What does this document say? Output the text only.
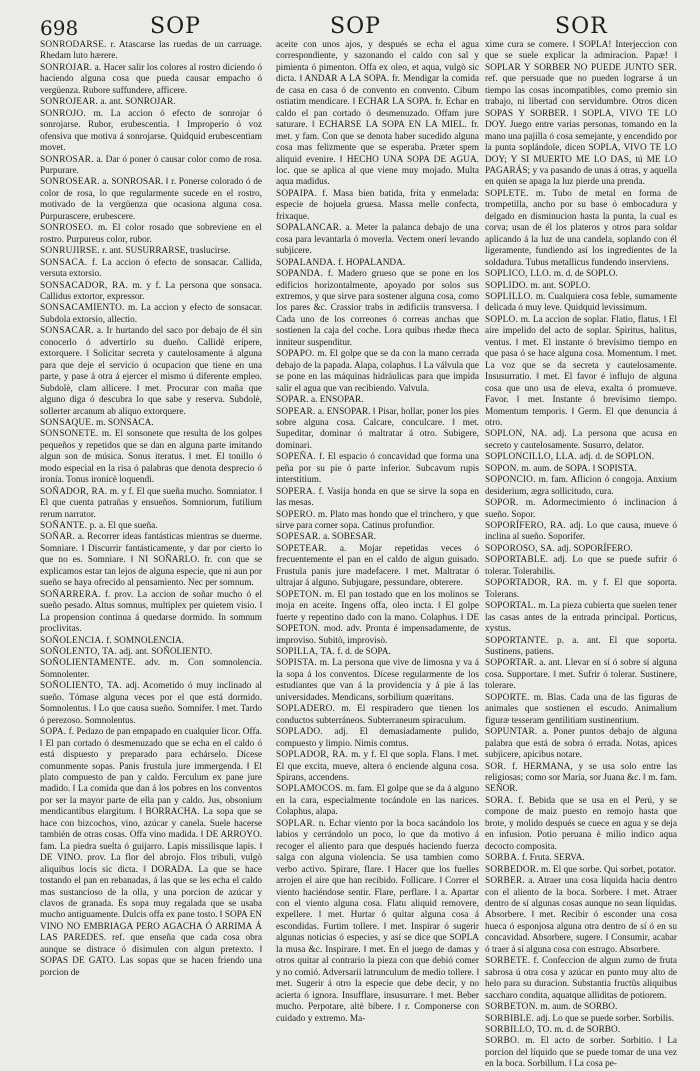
698	SOP	SOP	SOR

SONRODARSE. r. Atascarse las ruedas de un carruage. Rhedam luto hærere.

SONROJAR. a. Hacer salir los colores al rostro diciendo ó haciendo alguna cosa que pueda causar empacho ó vergüenza. Rubore suffundere, afficere.

SONROJEAR. a. ant. SONROJAR.

SONROJO. m. La accion ó efecto de sonrojar ó sonrojarse. Rubor, erubescentia. ‖ Improperio ó voz ofensiva que motiva á sonrojarse. Quidquid erubescentiam movet.

SONROSAR. a. Dar ó poner ó causar color como de rosa. Purpurare.

SONROSEAR. a. SONROSAR. ‖ r. Ponerse colorado ó de color de rosa, lo que regularmente sucede en el rostro, motivado de la vergüenza que ocasiona alguna cosa. Purpurascere, erubescere.

SONROSEO. m. El color rosado que sobreviene en el rostro. Purpureus color, rubor.

SONRUJIRSE. r. ant. SUSURRARSE, traslucirse.

SONSACA. f. La accion ó efecto de sonsacar. Callida, versuta extorsio.

SONSACADOR, RA. m. y f. La persona que sonsaca. Callidus extortor, expressor.

SONSACAMIENTO. m. La accion y efecto de sonsacar. Subdola extorsio, allectio.

SONSACAR. a. Ir hurtando del saco por debajo de él sin conocerlo ó advertirlo su dueño. Callidè eripere, extorquere. ‖ Solicitar secreta y cautelosamente á alguna para que deje el servicio ú ocupacion que tiene en una parte, y pase á otra á ejercer el mismo ú diferente empleo. Subdolè, clam allicere. ‖ met. Procurar con maña que alguno diga ó descubra lo que sabe y reserva. Subdolè, sollerter arcanum ab aliquo extorquere.

SONSAQUE. m. SONSACA.

SONSONETE. m. El sonsonete que resulta de los golpes pequeños y repetidos que se dan en alguna parte imitando algun son de música. Sonus iteratus. ‖ met. El tonillo ó modo especial en la risa ó palabras que denota desprecio ó ironía. Tonus ironicè loquendi.

SOÑADOR, RA. m. y f. El que sueña mucho. Somniator. ‖ El que cuenta patrañas y ensueños. Somniorum, futilium rerum narrator.

SOÑANTE. p. a. El que sueña.

SOÑAR. a. Recorrer ideas fantásticas mientras se duerme. Somniare. ‖ Discurrir fantásticamente, y dar por cierto lo que no es. Somniare. ‖ NI SOÑARLO. fr. con que se explicamos estar tan lejos de alguna especie, que ni aun por sueño se haya ofrecido al pensamiento. Nec per somnum.

SOÑARRERA. f. prov. La accion de soñar mucho ó el sueño pesado. Altus somnus, multiplex per quietem visio. ‖ La propension continua á quedarse dormido. In somnum proclivitas.

SOÑOLENCIA. f. SOMNOLENCIA.

SOÑOLENTO, TA. adj. ant. SOÑOLIENTO.

SOÑOLIENTAMENTE. adv. m. Con somnolencia. Somnolenter.

SOÑOLIENTO, TA. adj. Acometido ó muy inclinado al sueño. Tómase alguna veces por el que está dormido. Somnolentus. ‖ Lo que causa sueño. Somnifer. ‖ met. Tardo ó perezoso. Somnolentus.

SOPA. f. Pedazo de pan empapado en cualquier licor. Offa. ‖ El pan cortado ó desmenuzado que se echa en el caldo ó está dispuesto y preparado para echárselo. Dícese comunmente sopas. Panis frustula jure immergenda. ‖ El plato compuesto de pan y caldo. Ferculum ex pane jure madido. ‖ La comida que dan á los pobres en los conventos por ser la mayor parte de ella pan y caldo. Jus, obsonium mendicantibus elargitum. ‖ BORRACHA. La sopa que se hace con bizcochos, vino, azúcar y canela. Suele hacerse también de otras cosas. Offa vino madida. ‖ DE ARROYO. fam. La piedra suelta ó guijarro. Lapis missilisque lapis. ‖ DE VINO. prov. La flor del abrojo. Flos tribuli, vulgò aliquibus locis sic dicta. ‖ DORADA. La que se hace tostando el pan en rebanadas, á las que se les echa el caldo mas sustancioso de la olla, y una porcion de azúcar y clavos de granada. Es sopa muy regalada que se usaba mucho antiguamente. Dulcis offa ex pane tosto. ‖ SOPA EN VINO NO EMBRIAGA PERO AGACHA Ó ARRIMA Á LAS PAREDES. ref. que enseña que cada cosa obra aunque se distrace ó disimulen con algun pretexto. ‖ SOPAS DE GATO. Las sopas que se hacen friendo una porcion de

aceite con unos ajos, y después se echa el agua correspondiente, y sazonando el caldo con sal y pimienta ó pimenton. Offa ex oleo, et aqua, vulgò sic dicta. ‖ ANDAR A LA SOPA. fr. Mendigar la comida de casa en casa ó de convento en convento. Cibum ostiatim mendicare. ‖ ECHAR LA SOPA. fr. Echar en caldo el pan cortado ó desmenuzado. Offam jure saturare. ‖ ECHARSE LA SOPA EN LA MIEL. fr. met. y fam. Con que se denota haber sucedido alguna cosa mas felizmente que se esperaba. Præter spem aliquid evenire. ‖ HECHO UNA SOPA DE AGUA. loc. que se aplica al que viene muy mojado. Multa aqua madidus.

SOPAIPA. f. Masa bien batida, frita y enmelada: especie de hojuela gruesa. Massa melle confecta, frixaque.

SOPALANCAR. a. Meter la palanca debajo de una cosa para levantarla ó moverla. Vectem oneri levando subjicere.

SOPALANDA. f. HOPALANDA.

SOPANDA. f. Madero grueso que se pone en los edificios horizontalmente, apoyado por solos sus extremos, y que sirve para sostener alguna cosa, como los pares &c. Crassior trabs in ædificiis transversa. ‖ Cada uno de los correones ó correas anchas que sostienen la caja del coche. Lora quibus rhedæ theca inniteur suspenditur.

SOPAPO. m. El golpe que se da con la mano cerrada debajo de la papada. Alapa, colaphus. ‖ La válvula que se pone en las máquinas hidráulicas para que impida salir el agua que van recibiendo. Valvula.

SOPAR. a. ENSOPAR.

SOPEAR. a. ENSOPAR. ‖ Pisar, hollar, poner los pies sobre alguna cosa. Calcare, conculcare. ‖ met. Supeditar, dominar ó maltratar á otro. Subigere, dominari.

SOPEÑA. f. El espacio ó concavidad que forma una peña por su pie ó parte inferior. Subcavum rupis interstitium.

SOPERA. f. Vasija honda en que se sirve la sopa en las mesas.

SOPERO. m. Plato mas hondo que el trinchero, y que sirve para comer sopa. Catinus profundior.

SOPESAR. a. SOBESAR.

SOPETEAR. a. Mojar repetidas veces ó frecuentemente el pan en el caldo de algun guisado. Frustula panis jure madefacere. ‖ met. Maltratar ó ultrajar á alguno. Subjugare, pessundare, obterere.

SOPETON. m. El pan tostado que en los molinos se moja en aceite. Ingens offa, oleo incta. ‖ El golpe fuerte y repentino dado con la mano. Colaphus. ‖ DE SOPETON. mod. adv. Pronta é impensadamente, de improviso. Subitò, improvisò.

SOPILLA, TA. f. d. de SOPA.

SOPISTA. m. La persona que vive de limosna y va á la sopa á los conventos. Dícese regularmente de los estudiantes que van á la providencia y á pie á las universidades. Mendicans, sorbilium quæritans.

SOPLADERO. m. El respiradero que tienen los conductos subterráneos. Subterraneum spiraculum.

SOPLADO. adj. El demasiadamente pulido, compuesto y limpio. Nimis comtus.

SOPLADOR, RA. m. y f. El que sopla. Flans. ‖ met. El que excita, mueve, altera ó enciende alguna cosa. Spirans, accendens.

SOPLAMOCOS. m. fam. El golpe que se da á alguno en la cara, especialmente tocándole en las narices. Colaphus, alapa.

SOPLAR. n. Echar viento por la boca sacándolo los labios y cerrándolo un poco, lo que da motivo á recoger el aliento para que después haciendo fuerza salga con alguna violencia. Se usa tambien como verbo activo. Spirare, flare. ‖ Hacer que los fuelles arrojen el aire que han recibido. Follicare. ‖ Correr el viento haciéndose sentir. Flare, perflare. ‖ a. Apartar con el viento alguna cosa. Flatu aliquid removere, expellere. ‖ met. Hurtar ó quitar alguna cosa á escondidas. Furtim tollere. ‖ met. Inspirar ó sugerir algunas noticias ó especies, y así se dice que SOPLA la musa &c. Inspirare. ‖ met. En el juego de damas y otros quitar al contrario la pieza con que debió comer y no comió. Adversarii latrunculum de medio tollere. ‖ met. Sugerir á otro la especie que debe decir, y no acierta ó ignora. Insufflare, insusurrare. ‖ met. Beber mucho. Perpotare, altè bibere. ‖ r. Componerse con cuidado y extremo. Ma-

xime cura se comere. ‖ SOPLA! Interjeccion con que se suele explicar la admiracion. Papæ! ‖ SOPLAR Y SORBER NO PUEDE JUNTO SER. ref. que persuade que no pueden lograrse á un tiempo las cosas incompatibles, como premio sin trabajo, ni libertad con servidumbre. Otros dicen SOPAS Y SORBER. ‖ SOPLA, VIVO TE LO DOY. Juego entre varias personas, tomando en la mano una pajilla ó cosa semejante, y encendido por la punta soplándole, dicen SOPLA, VIVO TE LO DOY; Y SI MUERTO ME LO DAS, tú ME LO PAGARÁS; y va pasando de unas á otras, y aquella en quien se apaga la luz pierde una prenda.

SOPLETE. m. Tubo de metal en forma de trompetilla, ancho por su base ó embocadura y delgado en disminucion hasta la punta, la cual es corva; usan de él los plateros y otros para soldar aplicando á la luz de una candela, soplando con él ligeramente, fundiendo así los ingredientes de la soldadura. Tubus metallicus fundendo inserviens.

SOPLICO, LLO. m. d. de SOPLO.

SOPLIDO. m. ant. SOPLO.

SOPLILLO. m. Cualquiera cosa feble, sumamente delicada ó muy leve. Quidquid levissimum.

SOPLO. m. La accion de soplar. Flatio, flatus. ‖ El aire impelido del acto de soplar. Spiritus, halitus, ventus. ‖ met. El instante ó brevísimo tiempo en que pasa ó se hace alguna cosa. Momentum. ‖ met. La voz que se da secreta y cautelosamente. Insusurratio. ‖ met. El favor é influjo de alguna cosa que uno usa de eleva, exalta ó promueve. Favor. ‖ met. Instante ó brevísimo tiempo. Momentum temporis. ‖ Germ. El que denuncia á otro.

SOPLON, NA. adj. La persona que acusa en secreto y cautelosamente. Susurro, delator.

SOPLONCILLO, LLA. adj. d. de SOPLON.

SOPON. m. aum. de SOPA. ‖ SOPISTA.

SOPONCIO. m. fam. Aflicion ó congoja. Anxium desiderium, ægra sollicitudo, cura.

SOPOR. m. Adormecimiento ó inclinacion á sueño. Sopor.

SOPORÍFERO, RA. adj. Lo que causa, mueve ó inclina al sueño. Soporifer.

SOPOROSO, SA. adj. SOPORÍFERO.

SOPORTABLE. adj. Lo que se puede sufrir ó tolerar. Tolerabilis.

SOPORTADOR, RA. m. y f. El que soporta. Tolerans.

SOPORTAL. m. La pieza cubierta que suelen tener las casas antes de la entrada principal. Porticus, xystus.

SOPORTANTE. p. a. ant. El que soporta. Sustinens, patiens.

SOPORTAR. a. ant. Llevar en sí ó sobre sí alguna cosa. Supportare. ‖ met. Sufrir ó tolerar. Sustinere, tolerare.

SOPORTE. m. Blas. Cada una de las figuras de animales que sostienen el escudo. Animalium figuræ tesseram gentilitiam sustinentium.

SOPUNTAR. a. Poner puntos debajo de alguna palabra que está de sobra ó errada. Notas, apices subjicere, apicibus notare.

SOR. f. HERMANA, y se usa solo entre las religiosas; como sor María, sor Juana &c. ‖ m. fam. SEÑOR.

SORA. f. Bebida que se usa en el Perú, y se compone de maiz puesto en remojo hasta que brote, y molido después se cuece en agua y se deja en infusion. Potio peruana è milio indico aqua decocto composita.

SORBA. f. Fruta. SERVA.

SORBEDOR. m. El que sorbe. Qui sorbet, potator.

SORBER. a. Atraer una cosa líquida hacia dentro con el aliento de la boca. Sorbere. ‖ met. Atraer dentro de sí algunas cosas aunque no sean líquidas. Absorbere. ‖ met. Recibir ó esconder una cosa hueca ó esponjosa alguna otra dentro de sí ó en su concavidad. Absorbere, sugere. ‖ Consumir, acabar ó traer á sí alguna cosa con estrago. Absorbere.

SORBETE. f. Confeccion de algun zumo de fruta sabrosa ú otra cosa y azúcar en punto muy alto de helo para su duracion. Substantia fructûs aliquibus saccharo condita, aquatque alliditas de potiorem.

SORBETON. m. aum. de SORBO.

SORBIBLE. adj. Lo que se puede sorber. Sorbilis.

SORBILLO, TO. m. d. de SORBO.

SORBO. m. El acto de sorber. Sorbitio. ‖ La porcion del líquido que se puede tomar de una vez en la boca. Sorbillum. ‖ La cosa pe-
